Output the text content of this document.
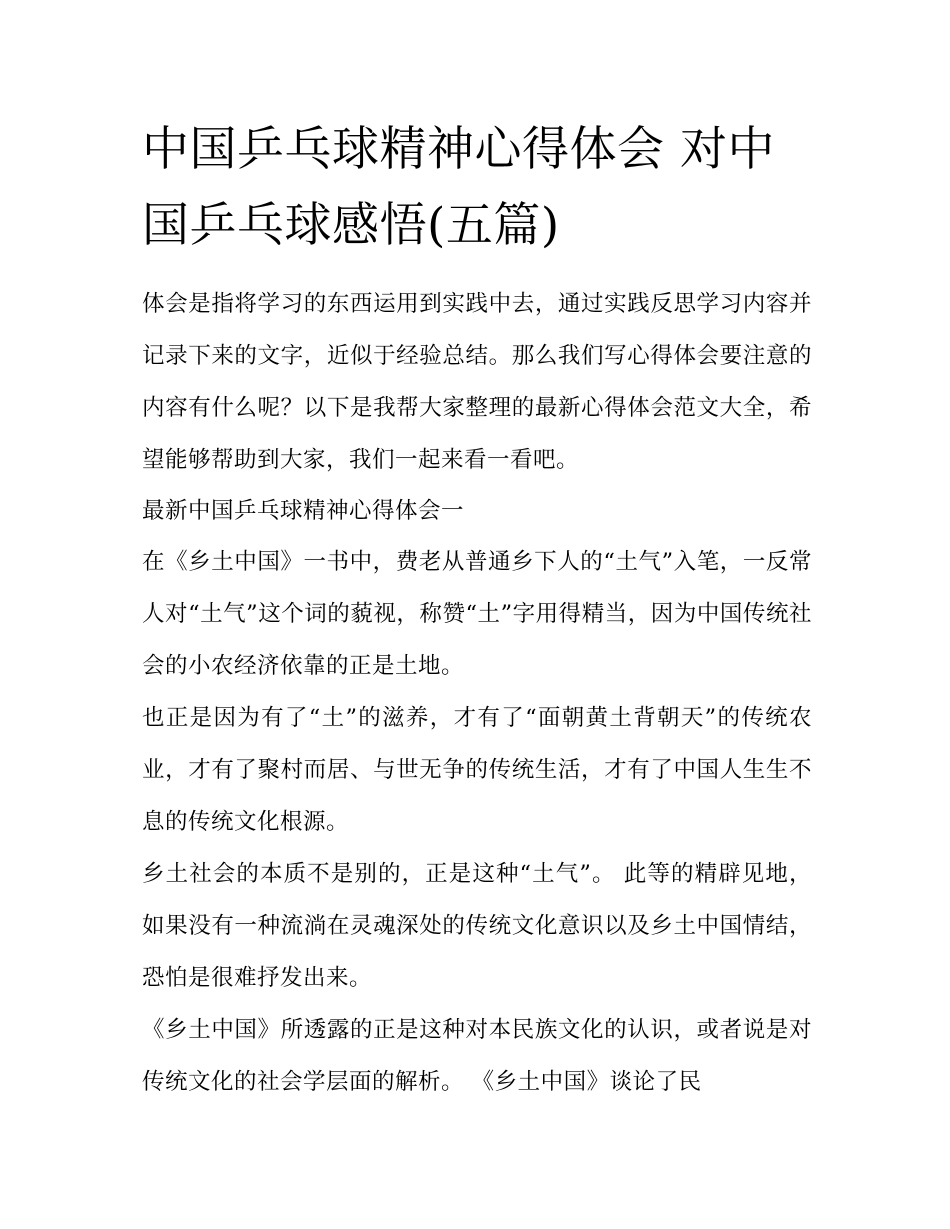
中国乒乓球精神心得体会 对中国乒乓球感悟(五篇)

体会是指将学习的东西运用到实践中去，通过实践反思学习内容并记录下来的文字，近似于经验总结。那么我们写心得体会要注意的内容有什么呢？以下是我帮大家整理的最新心得体会范文大全，希望能够帮助到大家，我们一起来看一看吧。

最新中国乒乓球精神心得体会一

在《乡土中国》一书中，费老从普通乡下人的“土气”入笔，一反常人对“土气”这个词的藐视，称赞“土”字用得精当，因为中国传统社会的小农经济依靠的正是土地。

也正是因为有了“土”的滋养，才有了“面朝黄土背朝天”的传统农业，才有了聚村而居、与世无争的传统生活，才有了中国人生生不息的传统文化根源。

乡土社会的本质不是别的，正是这种“土气”。 此等的精辟见地，如果没有一种流淌在灵魂深处的传统文化意识以及乡土中国情结，恐怕是很难抒发出来。

《乡土中国》所透露的正是这种对本民族文化的认识，或者说是对传统文化的社会学层面的解析。 《乡土中国》谈论了民
